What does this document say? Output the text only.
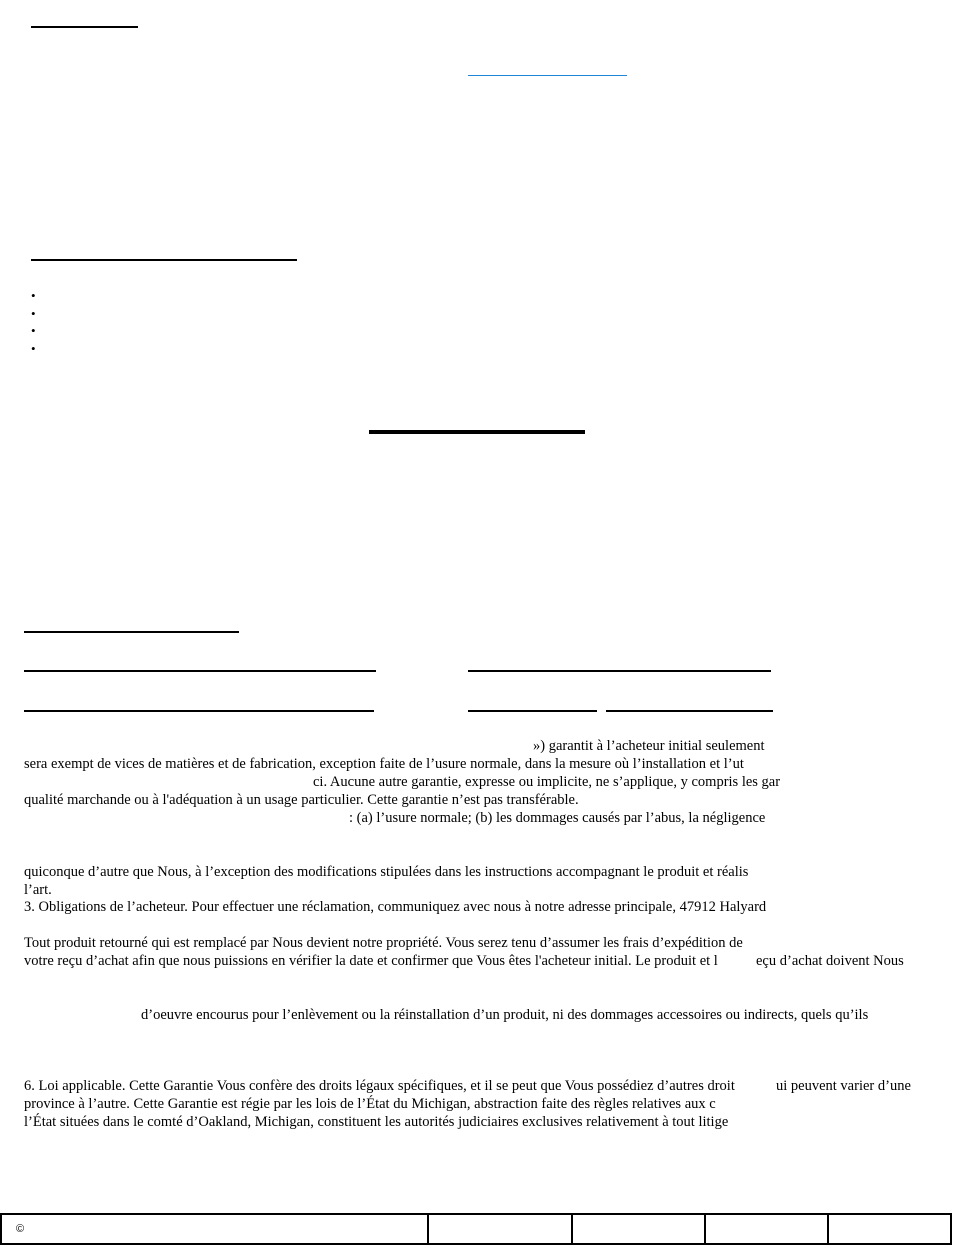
•
•
•
•
») garantit à l’acheteur initial seulement
sera exempt de vices de matières et de fabrication, exception faite de l’usure normale, dans la mesure où l’installation et l’ut
ci. Aucune autre garantie, expresse ou implicite, ne s’applique, y compris les gar
qualité marchande ou à l'adéquation à un usage particulier. Cette garantie n’est pas transférable.
: (a) l’usure normale; (b) les dommages causés par l’abus, la négligence
quiconque d’autre que Nous, à l’exception des modifications stipulées dans les instructions accompagnant le produit et réalis
l’art.
3. Obligations de l’acheteur. Pour effectuer une réclamation, communiquez avec nous à notre adresse principale, 47912 Halyard
Tout produit retourné qui est remplacé par Nous devient notre propriété. Vous serez tenu d’assumer les frais d’expédition de
votre reçu d’achat afin que nous puissions en vérifier la date et confirmer que Vous êtes l'acheteur initial. Le produit et l	eçu d’achat doivent Nous
d’oeuvre encourus pour l’enlèvement ou la réinstallation d’un produit, ni des dommages accessoires ou indirects, quels qu’ils
6. Loi applicable. Cette Garantie Vous confère des droits légaux spécifiques, et il se peut que Vous possédiez d’autres droit	ui peuvent varier d’une
province à l’autre. Cette Garantie est régie par les lois de l’État du Michigan, abstraction faite des règles relatives aux c
l’État situées dans le comté d’Oakland, Michigan, constituent les autorités judiciaires exclusives relativement à tout litige
©
